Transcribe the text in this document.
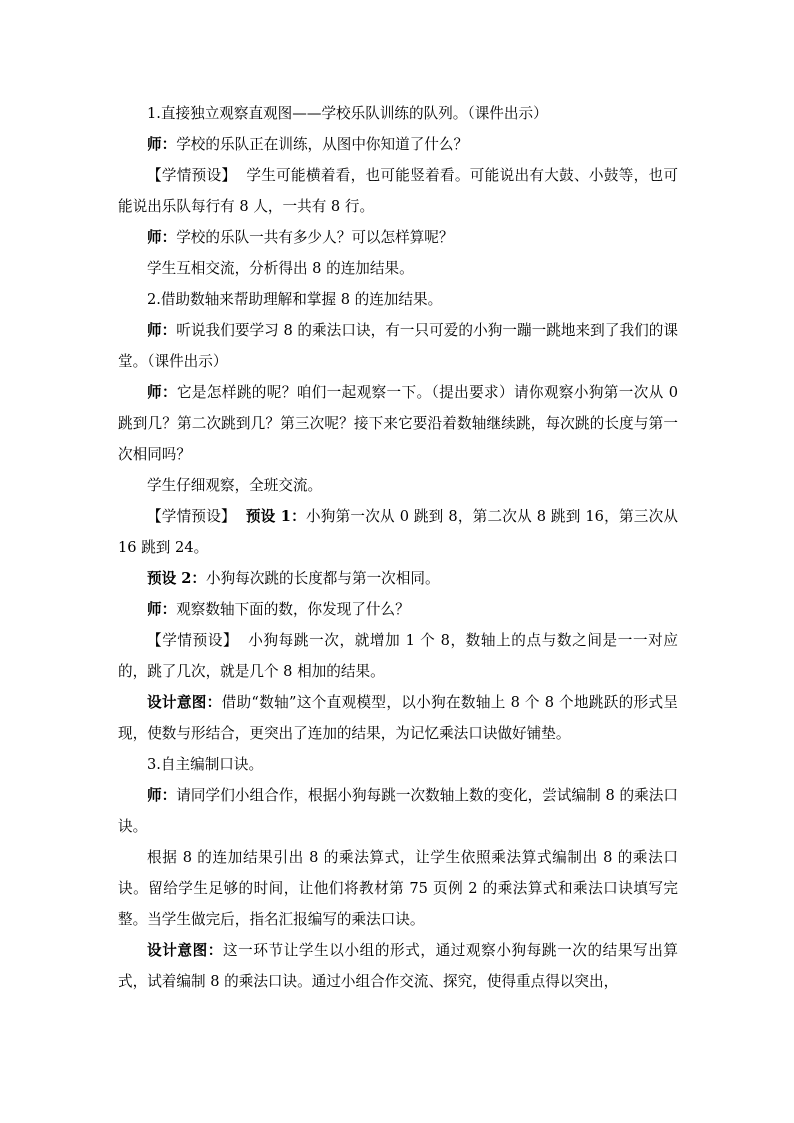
1.直接独立观察直观图——学校乐队训练的队列。（课件出示）

师：学校的乐队正在训练，从图中你知道了什么？

【学情预设】 学生可能横着看，也可能竖着看。可能说出有大鼓、小鼓等，也可能说出乐队每行有 8 人，一共有 8 行。

师：学校的乐队一共有多少人？可以怎样算呢？

学生互相交流，分析得出 8 的连加结果。

2.借助数轴来帮助理解和掌握 8 的连加结果。

师：听说我们要学习 8 的乘法口诀，有一只可爱的小狗一蹦一跳地来到了我们的课堂。（课件出示）

师：它是怎样跳的呢？咱们一起观察一下。（提出要求）请你观察小狗第一次从 0 跳到几？第二次跳到几？第三次呢？接下来它要沿着数轴继续跳，每次跳的长度与第一次相同吗？

学生仔细观察，全班交流。

【学情预设】 预设 1：小狗第一次从 0 跳到 8，第二次从 8 跳到 16，第三次从 16 跳到 24。

预设 2：小狗每次跳的长度都与第一次相同。

师：观察数轴下面的数，你发现了什么？

【学情预设】 小狗每跳一次，就增加 1 个 8，数轴上的点与数之间是一一对应的，跳了几次，就是几个 8 相加的结果。

设计意图：借助“数轴”这个直观模型，以小狗在数轴上 8 个 8 个地跳跃的形式呈现，使数与形结合，更突出了连加的结果，为记忆乘法口诀做好铺垫。

3.自主编制口诀。

师：请同学们小组合作，根据小狗每跳一次数轴上数的变化，尝试编制 8 的乘法口诀。

根据 8 的连加结果引出 8 的乘法算式，让学生依照乘法算式编制出 8 的乘法口诀。留给学生足够的时间，让他们将教材第 75 页例 2 的乘法算式和乘法口诀填写完整。当学生做完后，指名汇报编写的乘法口诀。

设计意图：这一环节让学生以小组的形式，通过观察小狗每跳一次的结果写出算式，试着编制 8 的乘法口诀。通过小组合作交流、探究，使得重点得以突出，
